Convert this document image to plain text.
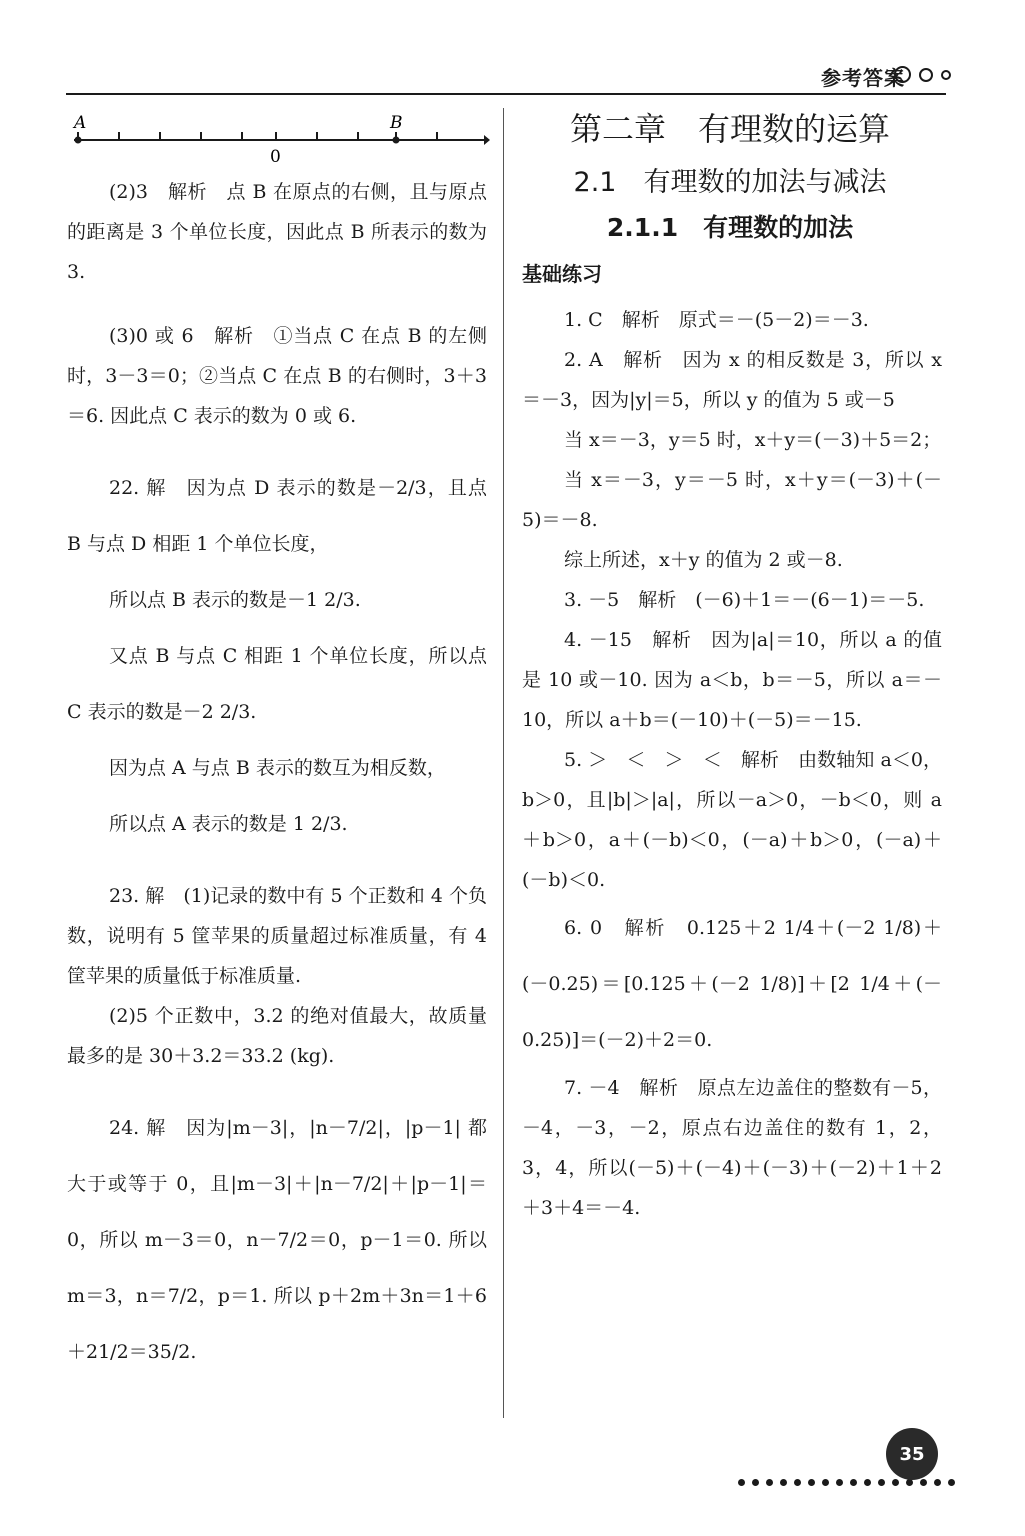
参考答案
A	B
0

(2)3　解析　点 B 在原点的右侧，且与原点的距离是 3 个单位长度，因此点 B 所表示的数为 3.

(3)0 或 6　解析　①当点 C 在点 B 的左侧时，3－3＝0；②当点 C 在点 B 的右侧时，3＋3＝6. 因此点 C 表示的数为 0 或 6.

22. 解　因为点 D 表示的数是－2/3，且点 B 与点 D 相距 1 个单位长度，

所以点 B 表示的数是－1 2/3.

又点 B 与点 C 相距 1 个单位长度，所以点 C 表示的数是－2 2/3.

因为点 A 与点 B 表示的数互为相反数，

所以点 A 表示的数是 1 2/3.

23. 解　(1)记录的数中有 5 个正数和 4 个负数，说明有 5 筐苹果的质量超过标准质量，有 4 筐苹果的质量低于标准质量.

(2)5 个正数中，3.2 的绝对值最大，故质量最多的是 30＋3.2＝33.2 (kg).

24. 解　因为|m－3|，|n－7/2|，|p－1| 都大于或等于 0，且|m－3|＋|n－7/2|＋|p－1|＝0，所以 m－3＝0，n－7/2＝0，p－1＝0. 所以 m＝3，n＝7/2，p＝1. 所以 p＋2m＋3n＝1＋6＋21/2＝35/2.

第二章　有理数的运算
2.1　有理数的加法与减法
2.1.1　有理数的加法
基础练习

1. C　解析　原式＝－(5－2)＝－3.

2. A　解析　因为 x 的相反数是 3，所以 x＝－3，因为|y|＝5，所以 y 的值为 5 或－5

当 x＝－3，y＝5 时，x＋y＝(－3)＋5＝2；

当 x＝－3，y＝－5 时，x＋y＝(－3)＋(－5)＝－8.

综上所述，x＋y 的值为 2 或－8.

3. －5　解析　(－6)＋1＝－(6－1)＝－5.

4. －15　解析　因为|a|＝10，所以 a 的值是 10 或－10. 因为 a＜b，b＝－5，所以 a＝－10，所以 a＋b＝(－10)＋(－5)＝－15.

5. ＞　＜　＞　＜　解析　由数轴知 a＜0，b＞0，且|b|＞|a|，所以－a＞0，－b＜0，则 a＋b＞0，a＋(－b)＜0，(－a)＋b＞0，(－a)＋(－b)＜0.

6. 0　解析　0.125＋2 1/4＋(－2 1/8)＋(－0.25)＝[0.125＋(－2 1/8)]＋[2 1/4＋(－0.25)]＝(－2)＋2＝0.

7. －4　解析　原点左边盖住的整数有－5，－4，－3，－2，原点右边盖住的数有 1，2，3，4，所以(－5)＋(－4)＋(－3)＋(－2)＋1＋2＋3＋4＝－4.

35
